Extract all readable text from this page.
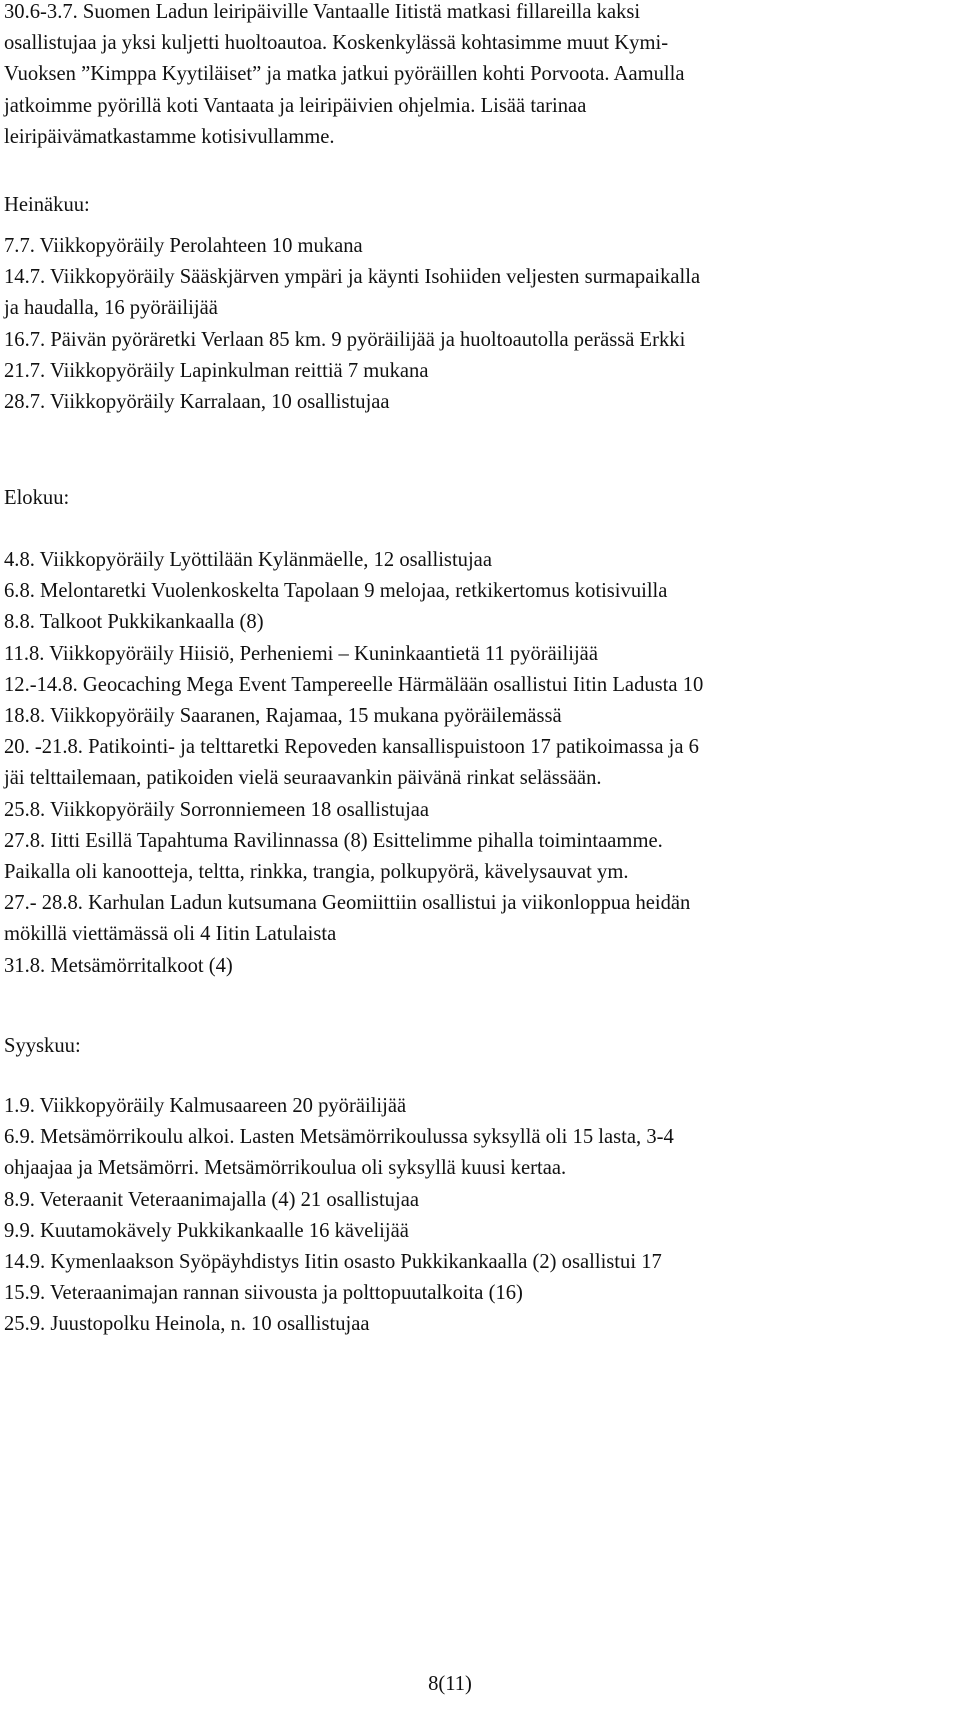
30.6-3.7. Suomen Ladun leiripäiville Vantaalle Iitistä matkasi fillareilla kaksi
osallistujaa ja yksi kuljetti huoltoautoa. Koskenkylässä kohtasimme muut Kymi-
Vuoksen ”Kimppa Kyytiläiset” ja matka jatkui pyöräillen kohti Porvoota. Aamulla
jatkoimme pyörillä koti Vantaata ja leiripäivien ohjelmia. Lisää tarinaa
leiripäivämatkastamme kotisivullamme.
Heinäkuu:
7.7. Viikkopyöräily Perolahteen 10 mukana
14.7. Viikkopyöräily Sääskjärven ympäri ja käynti Isohiiden veljesten surmapaikalla
ja haudalla, 16 pyöräilijää
16.7. Päivän pyöräretki Verlaan 85 km. 9 pyöräilijää ja huoltoautolla perässä Erkki
21.7. Viikkopyöräily Lapinkulman reittiä 7 mukana
28.7. Viikkopyöräily Karralaan, 10 osallistujaa
Elokuu:
4.8. Viikkopyöräily Lyöttilään Kylänmäelle, 12 osallistujaa
6.8. Melontaretki Vuolenkoskelta Tapolaan 9 melojaa, retkikertomus kotisivuilla
8.8. Talkoot Pukkikankaalla (8)
11.8. Viikkopyöräily Hiisiö, Perheniemi – Kuninkaantietä 11 pyöräilijää
12.-14.8. Geocaching Mega Event Tampereelle Härmälään osallistui Iitin Ladusta 10
18.8. Viikkopyöräily Saaranen, Rajamaa, 15 mukana pyöräilemässä
20. -21.8. Patikointi- ja telttaretki Repoveden kansallispuistoon 17 patikoimassa ja 6
jäi telttailemaan, patikoiden vielä seuraavankin päivänä rinkat selässään.
25.8. Viikkopyöräily Sorronniemeen 18 osallistujaa
27.8. Iitti Esillä Tapahtuma Ravilinnassa (8) Esittelimme pihalla toimintaamme.
Paikalla oli kanootteja, teltta, rinkka, trangia, polkupyörä, kävelysauvat ym.
27.- 28.8. Karhulan Ladun kutsumana Geomiittiin osallistui ja viikonloppua heidän
mökillä viettämässä oli 4 Iitin Latulaista
31.8. Metsämörritalkoot (4)
Syyskuu:
1.9. Viikkopyöräily Kalmusaareen 20 pyöräilijää
6.9. Metsämörrikoulu alkoi. Lasten Metsämörrikoulussa syksyllä oli 15 lasta, 3-4
ohjaajaa ja Metsämörri. Metsämörrikoulua oli syksyllä kuusi kertaa.
8.9. Veteraanit Veteraanimajalla (4) 21 osallistujaa
9.9. Kuutamokävely Pukkikankaalle 16 kävelijää
14.9. Kymenlaakson Syöpäyhdistys Iitin osasto Pukkikankaalla (2) osallistui 17
15.9. Veteraanimajan rannan siivousta ja polttopuutalkoita (16)
25.9. Juustopolku Heinola, n. 10 osallistujaa
8(11)
